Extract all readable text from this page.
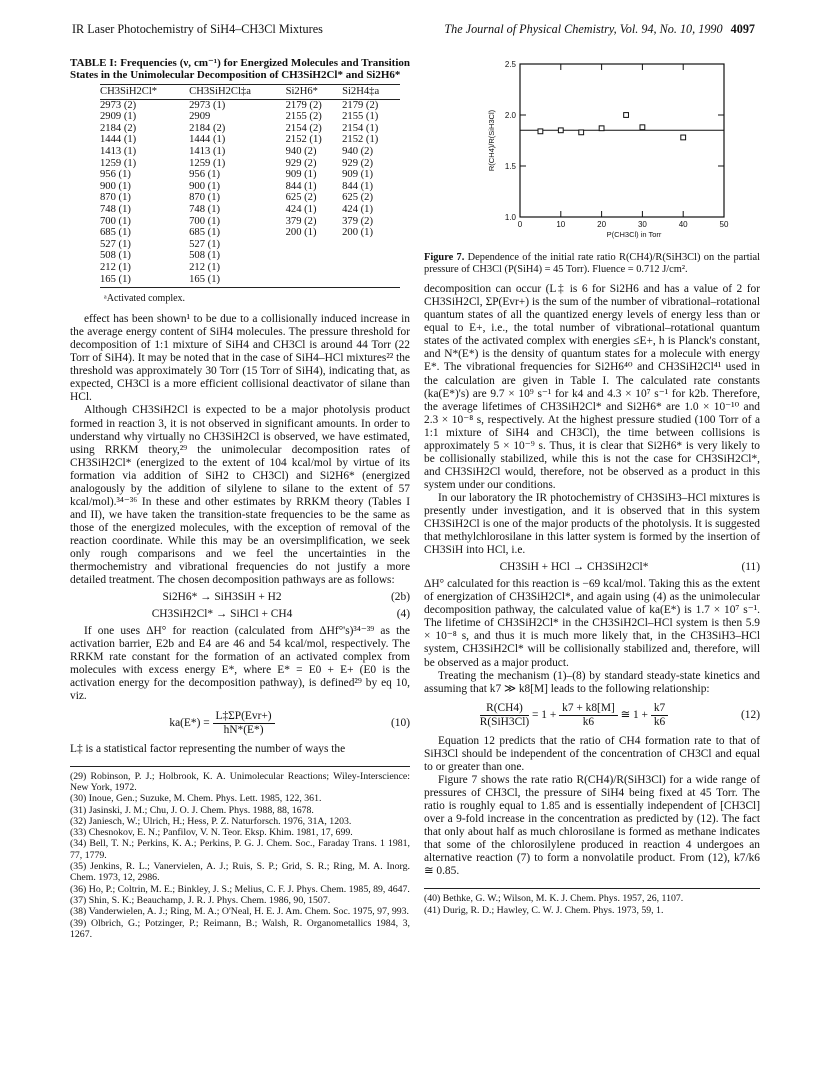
IR Laser Photochemistry of SiH4–CH3Cl Mixtures	The Journal of Physical Chemistry, Vol. 94, No. 10, 1990 4097
TABLE I: Frequencies (ν, cm⁻¹) for Energized Molecules and Transition States in the Unimolecular Decomposition of CH3SiH2Cl* and Si2H6*
CH3SiH2Cl*	CH3SiH2Cl‡a	Si2H6*	Si2H4‡a
2973 (2)	2973 (1)	2179 (2)	2179 (2)
2909 (1)	2909	2155 (2)	2155 (1)
2184 (2)	2184 (2)	2154 (2)	2154 (1)
1444 (1)	1444 (1)	2152 (1)	2152 (1)
1413 (1)	1413 (1)	940 (2)	940 (2)
1259 (1)	1259 (1)	929 (2)	929 (2)
956 (1)	956 (1)	909 (1)	909 (1)
900 (1)	900 (1)	844 (1)	844 (1)
870 (1)	870 (1)	625 (2)	625 (2)
748 (1)	748 (1)	424 (1)	424 (1)
700 (1)	700 (1)	379 (2)	379 (2)
685 (1)	685 (1)	200 (1)	200 (1)
527 (1)	527 (1)		
508 (1)	508 (1)		
212 (1)	212 (1)		
165 (1)	165 (1)		
ᵃActivated complex.

effect has been shown¹ to be due to a collisionally induced increase in the average energy content of SiH4 molecules. The pressure threshold for decomposition of 1:1 mixture of SiH4 and CH3Cl is around 44 Torr (22 Torr of SiH4). It may be noted that in the case of SiH4–HCl mixtures²² the threshold was approximately 30 Torr (15 Torr of SiH4), indicating that, as expected, CH3Cl is a more efficient collisional deactivator of silane than HCl.

Although CH3SiH2Cl is expected to be a major photolysis product formed in reaction 3, it is not observed in significant amounts. In order to understand why virtually no CH3SiH2Cl is observed, we have estimated, using RRKM theory,²⁹ the unimolecular decomposition rates of CH3SiH2Cl* (energized to the extent of 104 kcal/mol by virtue of its formation via addition of SiH2 to CH3Cl) and Si2H6* (energized analogously by the addition of silylene to silane to the extent of 57 kcal/mol).³⁴⁻³⁶ In these and other estimates by RRKM theory (Tables I and II), we have taken the transition-state frequencies to be the same as those of the energized molecules, with the exception of removal of the reaction coordinate. While this may be an oversimplification, we seek only rough comparisons and we feel the uncertainties in the thermochemistry and vibrational frequencies do not justify a more detailed treatment. The chosen decomposition pathways are as follows:

Si2H6* → SiH3SiH + H2	(2b)
CH3SiH2Cl* → SiHCl + CH4	(4)

If one uses ΔH° for reaction (calculated from ΔHf°'s)³⁴⁻³⁹ as the activation barrier, E2b and E4 are 46 and 54 kcal/mol, respectively. The RRKM rate constant for the formation of an activated complex from molecules with excess energy E*, where E* = E0 + E+ (E0 is the activation energy for the decomposition pathway), is defined²⁹ by eq 10, viz.

$ka(E*) = \frac{\text{L‡ΣP(Evr+)}}{hN*(E*)}$	(10)

L‡ is a statistical factor representing the number of ways the

(29) Robinson, P. J.; Holbrook, K. A. Unimolecular Reactions; Wiley-Interscience: New York, 1972.
(30) Inoue, Gen.; Suzuke, M. Chem. Phys. Lett. 1985, 122, 361.
(31) Jasinski, J. M.; Chu, J. O. J. Chem. Phys. 1988, 88, 1678.
(32) Janiesch, W.; Ulrich, H.; Hess, P. Z. Naturforsch. 1976, 31A, 1203.
(33) Chesnokov, E. N.; Panfilov, V. N. Teor. Eksp. Khim. 1981, 17, 699.
(34) Bell, T. N.; Perkins, K. A.; Perkins, P. G. J. Chem. Soc., Faraday Trans. 1 1981, 77, 1779.
(35) Jenkins, R. L.; Vanervielen, A. J.; Ruis, S. P.; Grid, S. R.; Ring, M. A. Inorg. Chem. 1973, 12, 2986.
(36) Ho, P.; Coltrin, M. E.; Binkley, J. S.; Melius, C. F. J. Phys. Chem. 1985, 89, 4647.
(37) Shin, S. K.; Beauchamp, J. R. J. Phys. Chem. 1986, 90, 1507.
(38) Vanderwielen, A. J.; Ring, M. A.; O'Neal, H. E. J. Am. Chem. Soc. 1975, 97, 993.
(39) Olbrich, G.; Potzinger, P.; Reimann, B.; Walsh, R. Organometallics 1984, 3, 1267.
0	10	20	30	40	50
1.0
1.5
2.0
2.5
P(CH3Cl) in Torr
R(CH4)/R(SiH3Cl)
Figure 7. Dependence of the initial rate ratio R(CH4)/R(SiH3Cl) on the partial pressure of CH3Cl (P(SiH4) = 45 Torr). Fluence = 0.712 J/cm².

decomposition can occur (L‡ is 6 for Si2H6 and has a value of 2 for CH3SiH2Cl, ΣP(Evr+) is the sum of the number of vibrational–rotational quantum states of all the quantized energy levels of energy less than or equal to E+, i.e., the total number of vibrational–rotational quantum states of the activated complex with energies ≤E+, h is Planck's constant, and N*(E*) is the density of quantum states for a molecule with energy E*. The vibrational frequencies for Si2H6⁴⁰ and CH3SiH2Cl⁴¹ used in the calculation are given in Table I. The calculated rate constants (ka(E*)'s) are 9.7 × 10⁹ s⁻¹ for k4 and 4.3 × 10⁷ s⁻¹ for k2b. Therefore, the average lifetimes of CH3SiH2Cl* and Si2H6* are 1.0 × 10⁻¹⁰ and 2.3 × 10⁻⁸ s, respectively. At the highest pressure studied (100 Torr of a 1:1 mixture of SiH4 and CH3Cl), the time between collisions is approximately 5 × 10⁻⁹ s. Thus, it is clear that Si2H6* is very likely to be collisionally stabilized, while this is not the case for CH3SiH2Cl*, and CH3SiH2Cl would, therefore, not be observed as a product in this system under our conditions.

In our laboratory the IR photochemistry of CH3SiH3–HCl mixtures is presently under investigation, and it is observed that in this system CH3SiH2Cl is one of the major products of the photolysis. It is suggested that methylchlorosilane in this latter system is formed by the insertion of CH3SiH into HCl, i.e.

CH3SiH + HCl → CH3SiH2Cl*	(11)

ΔH° calculated for this reaction is −69 kcal/mol. Taking this as the extent of energization of CH3SiH2Cl*, and again using (4) as the unimolecular decomposition pathway, the calculated value of ka(E*) is 1.7 × 10⁷ s⁻¹. The lifetime of CH3SiH2Cl* in the CH3SiH2Cl–HCl system is then 5.9 × 10⁻⁸ s, and thus it is much more likely that, in the CH3SiH3–HCl system, CH3SiH2Cl* will be collisionally stabilized and, therefore, will be observed as a major product.

Treating the mechanism (1)–(8) by standard steady-state kinetics and assuming that k7 ≫ k8[M] leads to the following relationship:

$\frac{R(CH4)}{\text{R(SiH3Cl)}} = 1 + \frac{k7 + k8[M]}{k6}$ ≅ $1 + \frac{k7}{k6}$	(12)

Equation 12 predicts that the ratio of CH4 formation rate to that of SiH3Cl should be independent of the concentration of CH3Cl and equal to or greater than one.

Figure 7 shows the rate ratio R(CH4)/R(SiH3Cl) for a wide range of pressures of CH3Cl, the pressure of SiH4 being fixed at 45 Torr. The ratio is roughly equal to 1.85 and is essentially independent of [CH3Cl] over a 9-fold increase in the concentration as predicted by (12). The fact that only about half as much chlorosilane is formed as methane indicates that some of the chlorosilylene produced in reaction 4 undergoes an alternative reaction (7) to form a nonvolatile product. From (12), k7/k6 ≅ 0.85.

(40) Bethke, G. W.; Wilson, M. K. J. Chem. Phys. 1957, 26, 1107.
(41) Durig, R. D.; Hawley, C. W. J. Chem. Phys. 1973, 59, 1.
